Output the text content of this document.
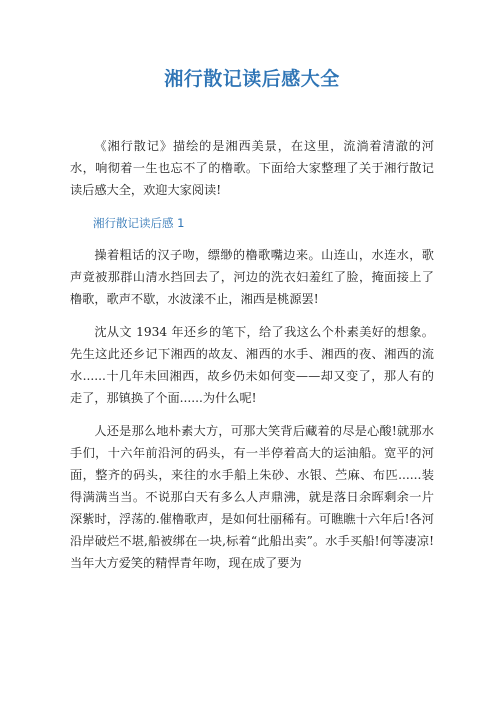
湘行散记读后感大全

《湘行散记》描绘的是湘西美景，在这里，流淌着清澈的河水，响彻着一生也忘不了的橹歌。下面给大家整理了关于湘行散记读后感大全，欢迎大家阅读!

湘行散记读后感 1

操着粗话的汉子吻，缥缈的橹歌嘴边来。山连山，水连水，歌声竟被那群山清水挡回去了，河边的洗衣妇羞红了脸，掩面接上了橹歌，歌声不歇，水波漾不止，湘西是桃源罢!

沈从文 1934 年还乡的笔下，给了我这么个朴素美好的想象。先生这此还乡记下湘西的故友、湘西的水手、湘西的夜、湘西的流水......十几年未回湘西，故乡仍未如何变——却又变了，那人有的走了，那镇换了个面......为什么呢!

人还是那么地朴素大方，可那大笑背后藏着的尽是心酸!就那水手们，十六年前沿河的码头，有一半停着高大的运油船。宽平的河面，整齐的码头，来往的水手船上朱砂、水银、苎麻、布匹......装得满满当当。不说那白天有多么人声鼎沸，就是落日余晖剩余一片深紫时，浮荡的.催橹歌声，是如何壮丽稀有。可瞧瞧十六年后!各河沿岸破烂不堪,船被绑在一块,标着“此船出卖”。水手买船!何等凄凉!当年大方爱笑的精悍青年吻，现在成了要为
